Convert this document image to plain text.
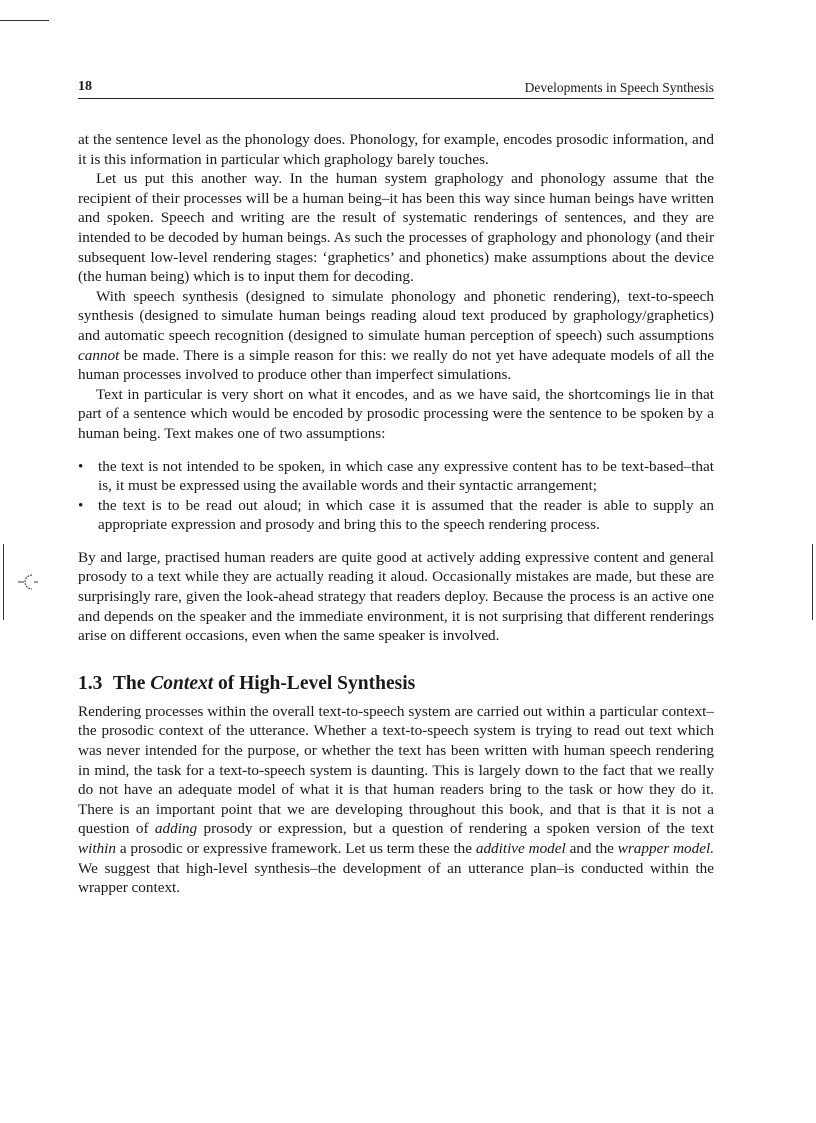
18	Developments in Speech Synthesis

at the sentence level as the phonology does. Phonology, for example, encodes prosodic information, and it is this information in particular which graphology barely touches.

Let us put this another way. In the human system graphology and phonology assume that the recipient of their processes will be a human being–it has been this way since human beings have written and spoken. Speech and writing are the result of systematic renderings of sentences, and they are intended to be decoded by human beings. As such the processes of graphology and phonology (and their subsequent low-level rendering stages: ‘graphetics’ and phonetics) make assumptions about the device (the human being) which is to input them for decoding.

With speech synthesis (designed to simulate phonology and phonetic rendering), text-to-speech synthesis (designed to simulate human beings reading aloud text produced by graphology/graphetics) and automatic speech recognition (designed to simulate human perception of speech) such assumptions cannot be made. There is a simple reason for this: we really do not yet have adequate models of all the human processes involved to produce other than imperfect simulations.

Text in particular is very short on what it encodes, and as we have said, the shortcomings lie in that part of a sentence which would be encoded by prosodic processing were the sentence to be spoken by a human being. Text makes one of two assumptions:

• the text is not intended to be spoken, in which case any expressive content has to be text-based–that is, it must be expressed using the available words and their syntactic arrangement;
• the text is to be read out aloud; in which case it is assumed that the reader is able to supply an appropriate expression and prosody and bring this to the speech rendering process.

By and large, practised human readers are quite good at actively adding expressive content and general prosody to a text while they are actually reading it aloud. Occasionally mistakes are made, but these are surprisingly rare, given the look-ahead strategy that readers deploy. Because the process is an active one and depends on the speaker and the immediate environment, it is not surprising that different renderings arise on different occasions, even when the same speaker is involved.

1.3 The Context of High-Level Synthesis

Rendering processes within the overall text-to-speech system are carried out within a particular context–the prosodic context of the utterance. Whether a text-to-speech system is trying to read out text which was never intended for the purpose, or whether the text has been written with human speech rendering in mind, the task for a text-to-speech system is daunting. This is largely down to the fact that we really do not have an adequate model of what it is that human readers bring to the task or how they do it. There is an important point that we are developing throughout this book, and that is that it is not a question of adding prosody or expression, but a question of rendering a spoken version of the text within a prosodic or expressive framework. Let us term these the additive model and the wrapper model. We suggest that high-level synthesis–the development of an utterance plan–is conducted within the wrapper context.
